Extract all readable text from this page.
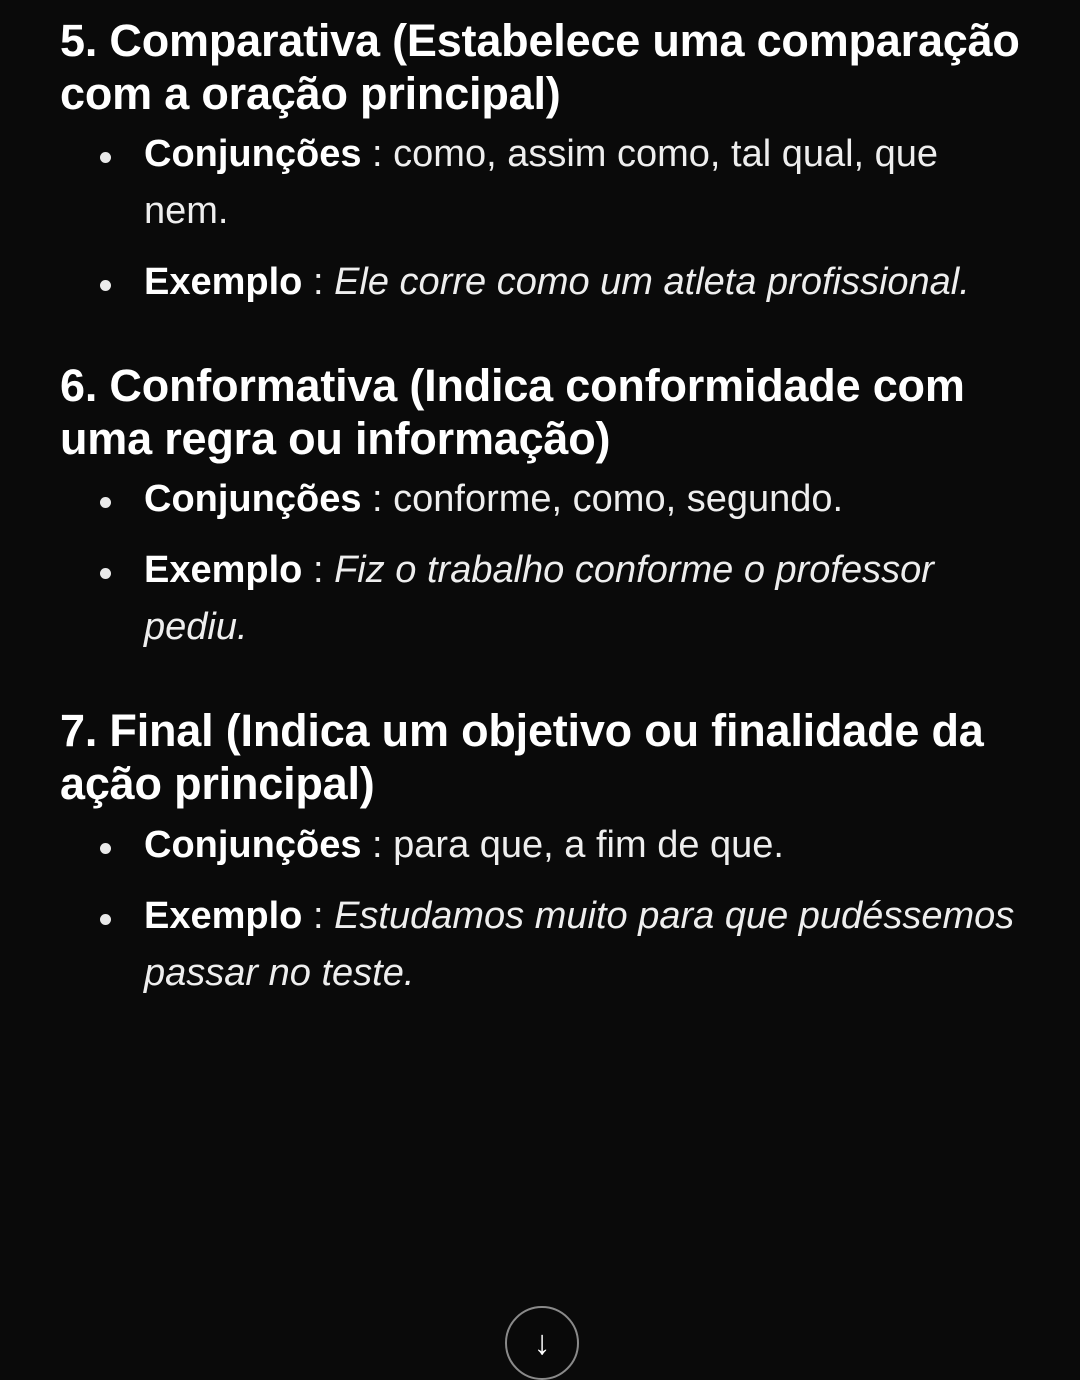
5. Comparativa (Estabelece uma comparação com a oração principal)
Conjunções : como, assim como, tal qual, que nem.
Exemplo : Ele corre como um atleta profissional.
6. Conformativa (Indica conformidade com uma regra ou informação)
Conjunções : conforme, como, segundo.
Exemplo : Fiz o trabalho conforme o professor pediu.
7. Final (Indica um objetivo ou finalidade da ação principal)
Conjunções : para que, a fim de que.
Exemplo : Estudamos muito para que pudéssemos passar no teste.
↓
